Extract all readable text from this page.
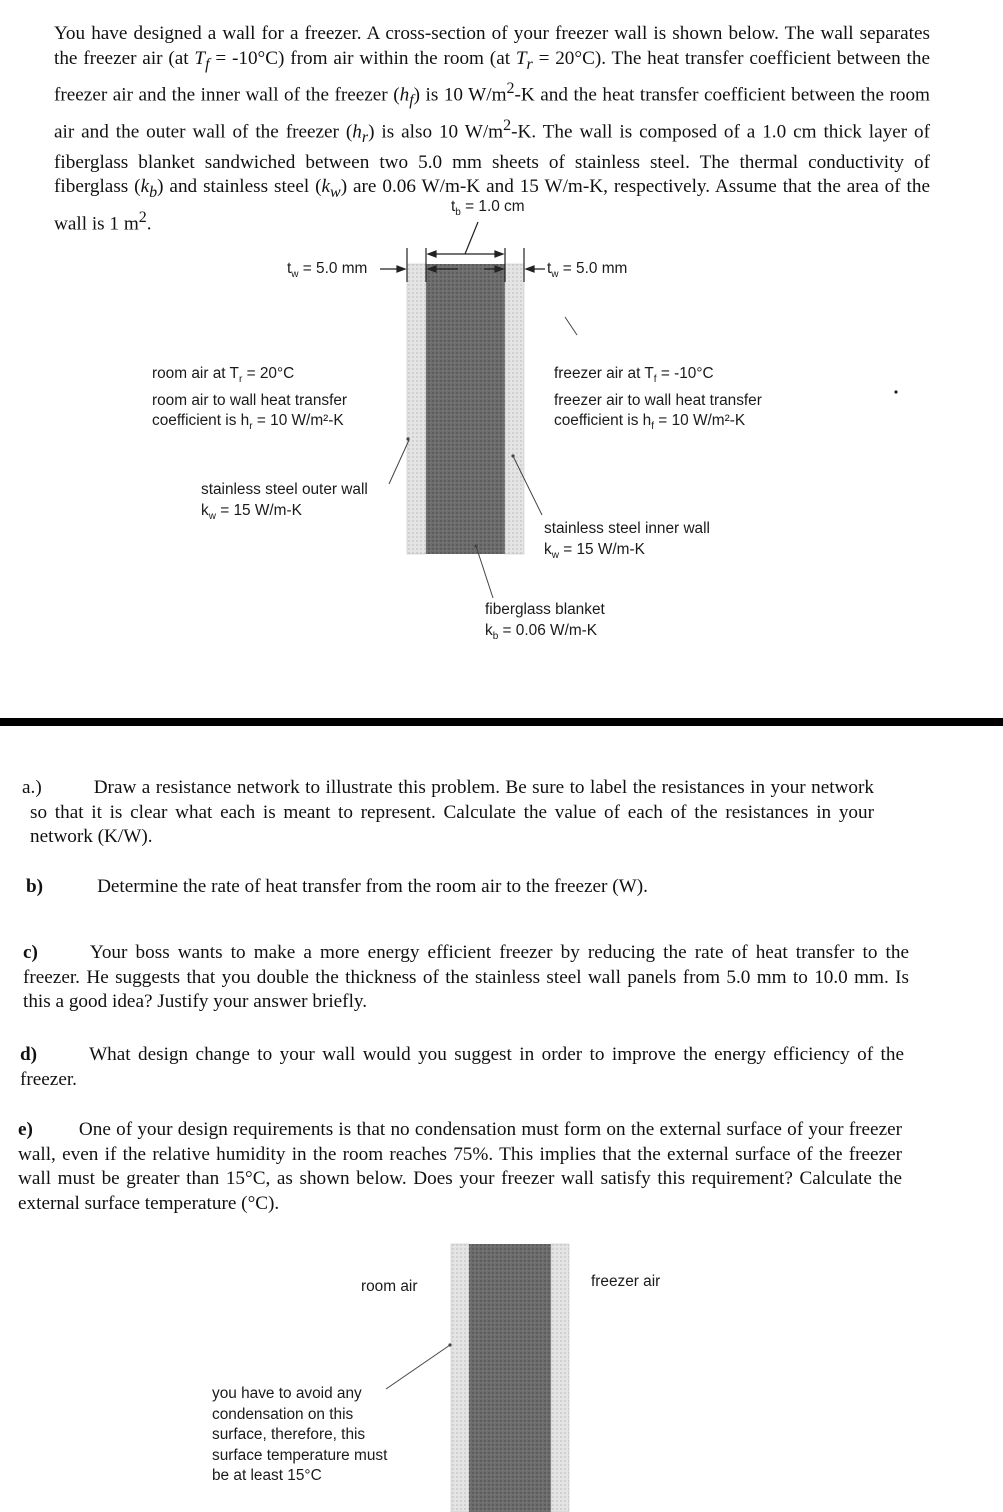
You have designed a wall for a freezer. A cross-section of your freezer wall is shown below. The wall separates the freezer air (at $T_f = -10^\circ C$) from air within the room (at $T_r = 20^\circ C$). The heat transfer coefficient between the freezer air and the inner wall of the freezer $(h_f)$ is 10 $W/m^2-K$ and the heat transfer coefficient between the room air and the outer wall of the freezer $(h_r)$ is also 10 $W/m^2-K$. The wall is composed of a 1.0 cm thick layer of fiberglass blanket sandwiched between two 5.0 mm sheets of stainless steel. The thermal conductivity of fiberglass $(k_b)$ and stainless steel $(k_w)$ are 0.06 W/m-K and 15 W/m-K, respectively. Assume that the area of the wall is 1 $m^2$.
$t_b = 1.0$ cm
$t_w = 5.0$ mm	$t_w = 5.0$ mm
room air at $T_r = 20^\circ C$
room air to wall heat transfer
coefficient is $h_r = 10$ W/m²-K
freezer air at $T_f = -10^\circ C$
freezer air to wall heat transfer
coefficient is $h_f = 10$ W/m²-K
stainless steel outer wall
$k_w = 15$ W/m-K
stainless steel inner wall
$k_w = 15$ W/m-K
fiberglass blanket
$k_b = 0.06$ W/m-K
a.)	Draw a resistance network to illustrate this problem. Be sure to label the resistances in your network so that it is clear what each is meant to represent. Calculate the value of each of the resistances in your network (K/W).
b)	Determine the rate of heat transfer from the room air to the freezer (W).
c)	Your boss wants to make a more energy efficient freezer by reducing the rate of heat transfer to the freezer. He suggests that you double the thickness of the stainless steel wall panels from 5.0 mm to 10.0 mm. Is this a good idea? Justify your answer briefly.
d)	What design change to your wall would you suggest in order to improve the energy efficiency of the freezer.
e) One of your design requirements is that no condensation must form on the external surface of your freezer wall, even if the relative humidity in the room reaches 75%. This implies that the external surface of the freezer wall must be greater than 15°C, as shown below. Does your freezer wall satisfy this requirement? Calculate the external surface temperature (°C).
room air	freezer air
you have to avoid any
condensation on this
surface, therefore, this
surface temperature must
be at least 15°C
